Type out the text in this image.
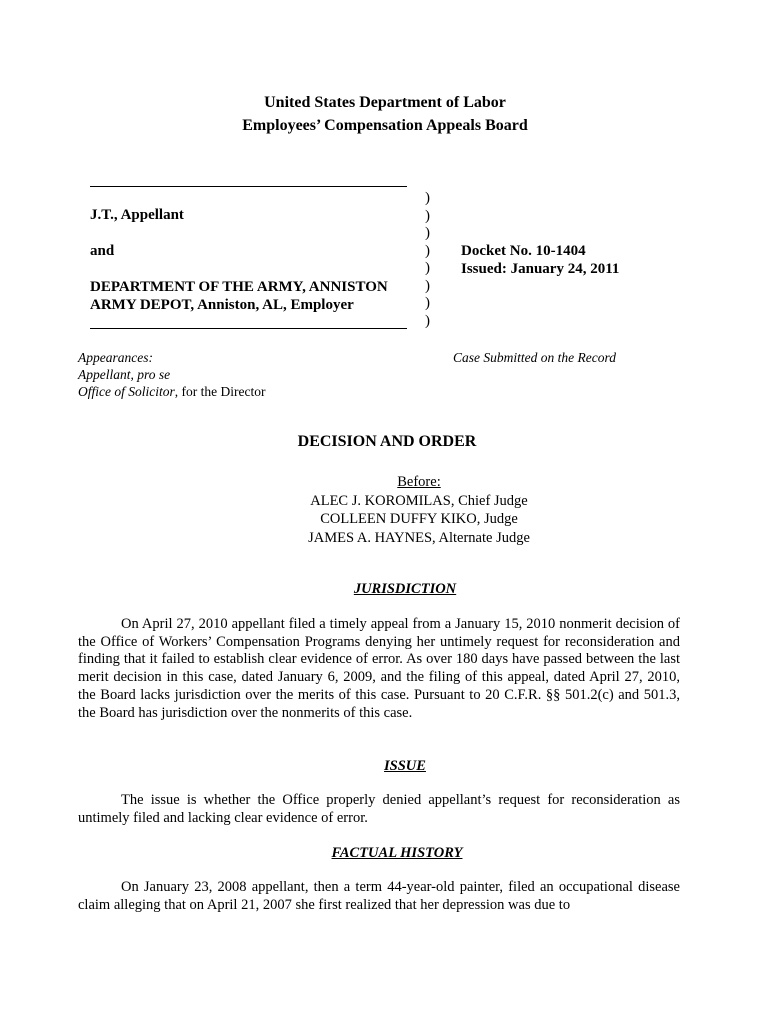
United States Department of Labor
Employees’ Compensation Appeals Board
J.T., Appellant
and
DEPARTMENT OF THE ARMY, ANNISTON
ARMY DEPOT, Anniston, AL, Employer
)
)
)
)
)
)
)
)
Docket No. 10-1404
Issued: January 24, 2011
Appearances:
Appellant, pro se
Office of Solicitor, for the Director
Case Submitted on the Record
DECISION AND ORDER
Before:
ALEC J. KOROMILAS, Chief Judge
COLLEEN DUFFY KIKO, Judge
JAMES A. HAYNES, Alternate Judge
JURISDICTION

On April 27, 2010 appellant filed a timely appeal from a January 15, 2010 nonmerit decision of the Office of Workers’ Compensation Programs denying her untimely request for reconsideration and finding that it failed to establish clear evidence of error. As over 180 days have passed between the last merit decision in this case, dated January 6, 2009, and the filing of this appeal, dated April 27, 2010, the Board lacks jurisdiction over the merits of this case. Pursuant to 20 C.F.R. §§ 501.2(c) and 501.3, the Board has jurisdiction over the nonmerits of this case.

ISSUE

The issue is whether the Office properly denied appellant’s request for reconsideration as untimely filed and lacking clear evidence of error.

FACTUAL HISTORY

On January 23, 2008 appellant, then a term 44-year-old painter, filed an occupational disease claim alleging that on April 21, 2007 she first realized that her depression was due to
